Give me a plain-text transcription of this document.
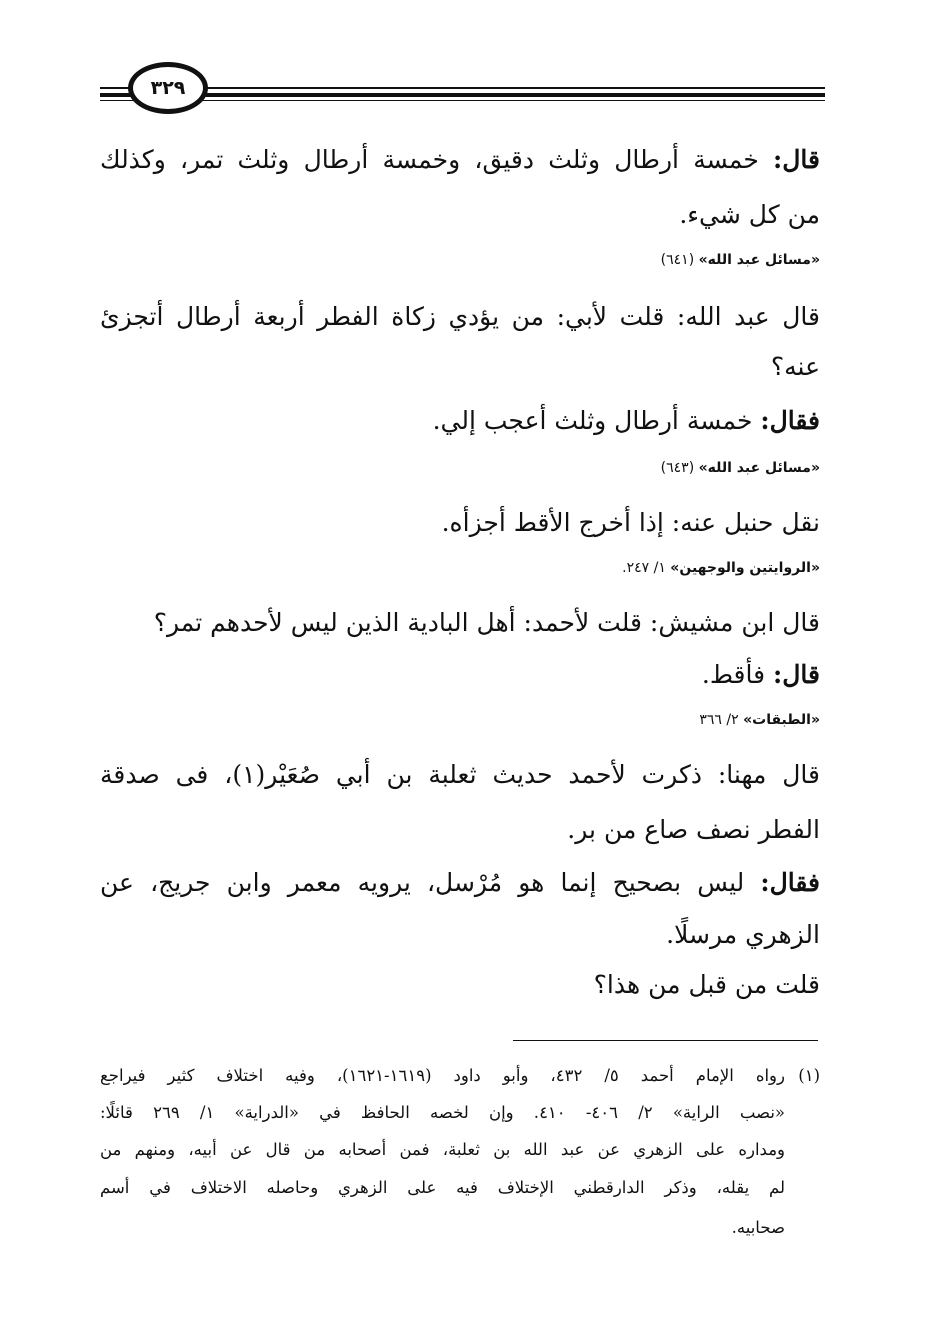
٣٢٩
قال: خمسة أرطال وثلث دقيق، وخمسة أرطال وثلث تمر، وكذلك
من كل شيء.
«مسائل عبد الله» (٦٤١)
قال عبد الله: قلت لأبي: من يؤدي زكاة الفطر أربعة أرطال أتجزئ
عنه؟
فقال: خمسة أرطال وثلث أعجب إلي.
«مسائل عبد الله» (٦٤٣)
نقل حنبل عنه: إذا أخرج الأقط أجزأه.
«الروايتين والوجهين» ١/ ٢٤٧.
قال ابن مشيش: قلت لأحمد: أهل البادية الذين ليس لأحدهم تمر؟
قال: فأقط.
«الطبقات» ٢/ ٣٦٦
قال مهنا: ذكرت لأحمد حديث ثعلبة بن أبي صُعَيْر(١)، فى صدقة
الفطر نصف صاع من بر.
فقال: ليس بصحيح إنما هو مُرْسل، يرويه معمر وابن جريج، عن
الزهري مرسلًا.
قلت من قبل من هذا؟
(١)
رواه الإمام أحمد ٥/ ٤٣٢، وأبو داود (١٦١٩-١٦٢١)، وفيه اختلاف كثير فيراجع
«نصب الراية» ٢/ ٤٠٦- ٤١٠. وإن لخصه الحافظ في «الدراية» ١/ ٢٦٩ قائلًا:
ومداره على الزهري عن عبد الله بن ثعلبة، فمن أصحابه من قال عن أبيه، ومنهم من
لم يقله، وذكر الدارقطني الإختلاف فيه على الزهري وحاصله الاختلاف في أسم
صحابيه.
